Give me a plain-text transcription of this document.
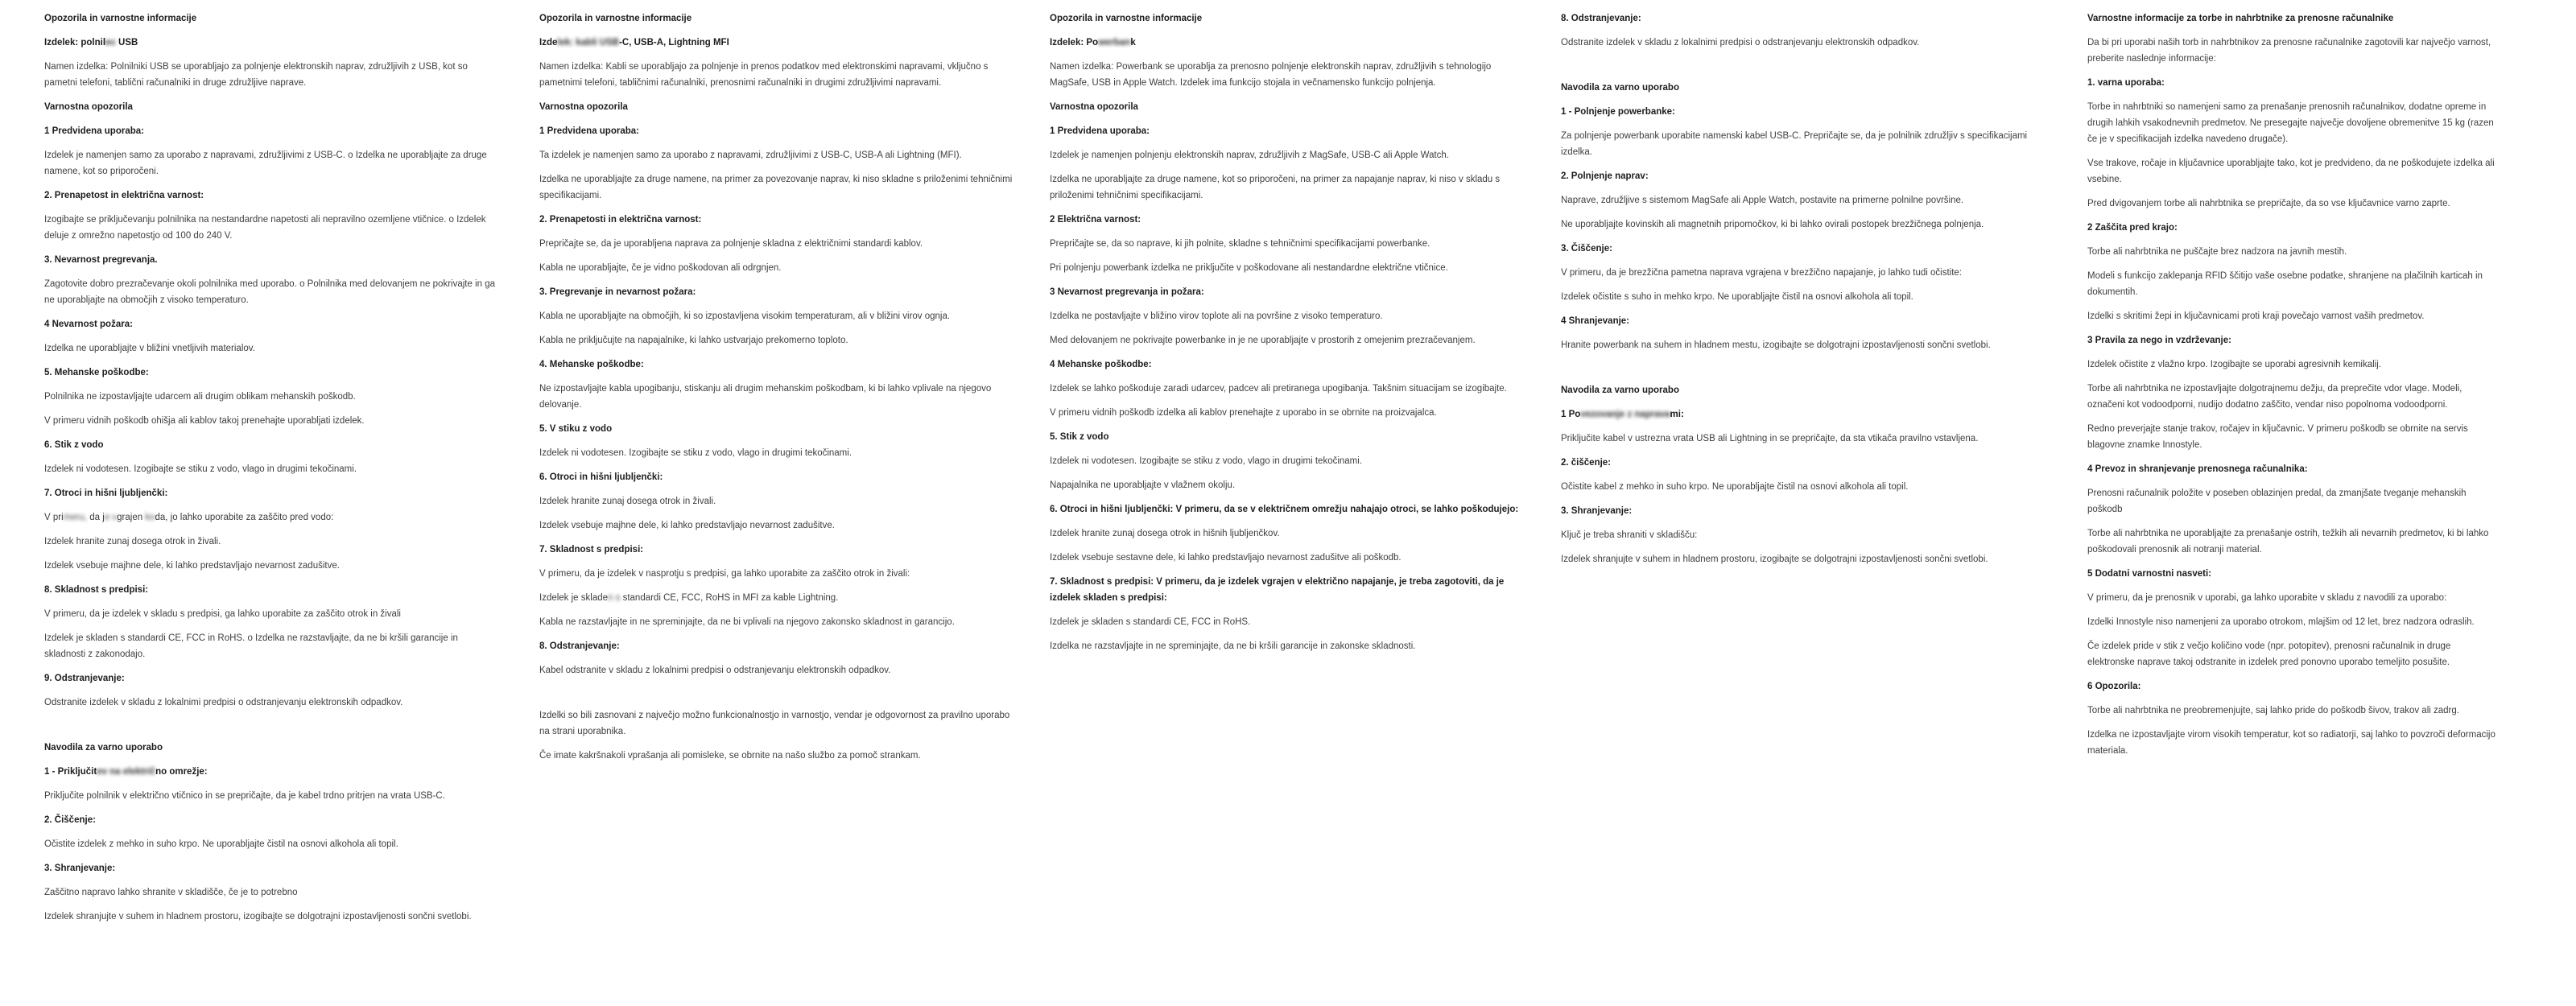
Opozorila in varnostne informacije
Izdelek: polnilec USB
Namen izdelka: Polnilniki USB se uporabljajo za polnjenje elektronskih naprav, združljivih z USB, kot so pametni telefoni, tablični računalniki in druge združljive naprave.
Varnostna opozorila
1 Predvidena uporaba:
Izdelek je namenjen samo za uporabo z napravami, združljivimi z USB-C. o Izdelka ne uporabljajte za druge namene, kot so priporočeni.
2. Prenapetost in električna varnost:
Izogibajte se priključevanju polnilnika na nestandardne napetosti ali nepravilno ozemljene vtičnice. o Izdelek deluje z omrežno napetostjo od 100 do 240 V.
3. Nevarnost pregrevanja.
Zagotovite dobro prezračevanje okoli polnilnika med uporabo. o Polnilnika med delovanjem ne pokrivajte in ga ne uporabljajte na območjih z visoko temperaturo.
4 Nevarnost požara:
Izdelka ne uporabljajte v bližini vnetljivih materialov.
5. Mehanske poškodbe:
Polnilnika ne izpostavljajte udarcem ali drugim oblikam mehanskih poškodb.
V primeru vidnih poškodb ohišja ali kablov takoj prenehajte uporabljati izdelek.
6. Stik z vodo
Izdelek ni vodotesen. Izogibajte se stiku z vodo, vlago in drugimi tekočinami.
7. Otroci in hišni ljubljenčki:
V primeru, da je vgrajen koda, jo lahko uporabite za zaščito pred vodo:
Izdelek hranite zunaj dosega otrok in živali.
Izdelek vsebuje majhne dele, ki lahko predstavljajo nevarnost zadušitve.
8. Skladnost s predpisi:
V primeru, da je izdelek v skladu s predpisi, ga lahko uporabite za zaščito otrok in živali
Izdelek je skladen s standardi CE, FCC in RoHS. o Izdelka ne razstavljajte, da ne bi kršili garancije in skladnosti z zakonodajo.
9. Odstranjevanje:
Odstranite izdelek v skladu z lokalnimi predpisi o odstranjevanju elektronskih odpadkov.
Navodila za varno uporabo
1 - Priključitev na električno omrežje:
Priključite polnilnik v električno vtičnico in se prepričajte, da je kabel trdno pritrjen na vrata USB-C.
2. Čiščenje:
Očistite izdelek z mehko in suho krpo. Ne uporabljajte čistil na osnovi alkohola ali topil.
3. Shranjevanje:
Zaščitno napravo lahko shranite v skladišče, če je to potrebno
Izdelek shranjujte v suhem in hladnem prostoru, izogibajte se dolgotrajni izpostavljenosti sončni svetlobi.
Opozorila in varnostne informacije
Izdelek: kabli USB-C, USB-A, Lightning MFI
Namen izdelka: Kabli se uporabljajo za polnjenje in prenos podatkov med elektronskimi napravami, vključno s pametnimi telefoni, tabličnimi računalniki, prenosnimi računalniki in drugimi združljivimi napravami.
Varnostna opozorila
1 Predvidena uporaba:
Ta izdelek je namenjen samo za uporabo z napravami, združljivimi z USB-C, USB-A ali Lightning (MFI).
Izdelka ne uporabljajte za druge namene, na primer za povezovanje naprav, ki niso skladne s priloženimi tehničnimi specifikacijami.
2. Prenapetosti in električna varnost:
Prepričajte se, da je uporabljena naprava za polnjenje skladna z električnimi standardi kablov.
Kabla ne uporabljajte, če je vidno poškodovan ali odrgnjen.
3. Pregrevanje in nevarnost požara:
Kabla ne uporabljajte na območjih, ki so izpostavljena visokim temperaturam, ali v bližini virov ognja.
Kabla ne priključujte na napajalnike, ki lahko ustvarjajo prekomerno toploto.
4. Mehanske poškodbe:
Ne izpostavljajte kabla upogibanju, stiskanju ali drugim mehanskim poškodbam, ki bi lahko vplivale na njegovo delovanje.
5. V stiku z vodo
Izdelek ni vodotesen. Izogibajte se stiku z vodo, vlago in drugimi tekočinami.
6. Otroci in hišni ljubljenčki:
Izdelek hranite zunaj dosega otrok in živali.
Izdelek vsebuje majhne dele, ki lahko predstavljajo nevarnost zadušitve.
7. Skladnost s predpisi:
V primeru, da je izdelek v nasprotju s predpisi, ga lahko uporabite za zaščito otrok in živali:
Izdelek je skladen s standardi CE, FCC, RoHS in MFI za kable Lightning.
Kabla ne razstavljajte in ne spreminjajte, da ne bi vplivali na njegovo zakonsko skladnost in garancijo.
8. Odstranjevanje:
Kabel odstranite v skladu z lokalnimi predpisi o odstranjevanju elektronskih odpadkov.
Izdelki so bili zasnovani z največjo možno funkcionalnostjo in varnostjo, vendar je odgovornost za pravilno uporabo na strani uporabnika.
Če imate kakršnakoli vprašanja ali pomisleke, se obrnite na našo službo za pomoč strankam.
Opozorila in varnostne informacije
Izdelek: Powerbank
Namen izdelka: Powerbank se uporablja za prenosno polnjenje elektronskih naprav, združljivih s tehnologijo MagSafe, USB in Apple Watch. Izdelek ima funkcijo stojala in večnamensko funkcijo polnjenja.
Varnostna opozorila
1 Predvidena uporaba:
Izdelek je namenjen polnjenju elektronskih naprav, združljivih z MagSafe, USB-C ali Apple Watch.
Izdelka ne uporabljajte za druge namene, kot so priporočeni, na primer za napajanje naprav, ki niso v skladu s priloženimi tehničnimi specifikacijami.
2 Električna varnost:
Prepričajte se, da so naprave, ki jih polnite, skladne s tehničnimi specifikacijami powerbanke.
Pri polnjenju powerbank izdelka ne priključite v poškodovane ali nestandardne električne vtičnice.
3 Nevarnost pregrevanja in požara:
Izdelka ne postavljajte v bližino virov toplote ali na površine z visoko temperaturo.
Med delovanjem ne pokrivajte powerbanke in je ne uporabljajte v prostorih z omejenim prezračevanjem.
4 Mehanske poškodbe:
Izdelek se lahko poškoduje zaradi udarcev, padcev ali pretiranega upogibanja. Takšnim situacijam se izogibajte.
V primeru vidnih poškodb izdelka ali kablov prenehajte z uporabo in se obrnite na proizvajalca.
5. Stik z vodo
Izdelek ni vodotesen. Izogibajte se stiku z vodo, vlago in drugimi tekočinami.
Napajalnika ne uporabljajte v vlažnem okolju.
6. Otroci in hišni ljubljenčki: V primeru, da se v električnem omrežju nahajajo otroci, se lahko poškodujejo:
Izdelek hranite zunaj dosega otrok in hišnih ljubljenčkov.
Izdelek vsebuje sestavne dele, ki lahko predstavljajo nevarnost zadušitve ali poškodb.
7. Skladnost s predpisi: V primeru, da je izdelek vgrajen v električno napajanje, je treba zagotoviti, da je izdelek skladen s predpisi:
Izdelek je skladen s standardi CE, FCC in RoHS.
Izdelka ne razstavljajte in ne spreminjajte, da ne bi kršili garancije in zakonske skladnosti.
8. Odstranjevanje:
Odstranite izdelek v skladu z lokalnimi predpisi o odstranjevanju elektronskih odpadkov.
Navodila za varno uporabo
1 - Polnjenje powerbanke:
Za polnjenje powerbank uporabite namenski kabel USB-C. Prepričajte se, da je polnilnik združljiv s specifikacijami izdelka.
2. Polnjenje naprav:
Naprave, združljive s sistemom MagSafe ali Apple Watch, postavite na primerne polnilne površine.
Ne uporabljajte kovinskih ali magnetnih pripomočkov, ki bi lahko ovirali postopek brezžičnega polnjenja.
3. Čiščenje:
V primeru, da je brezžična pametna naprava vgrajena v brezžično napajanje, jo lahko tudi očistite:
Izdelek očistite s suho in mehko krpo. Ne uporabljajte čistil na osnovi alkohola ali topil.
4 Shranjevanje:
Hranite powerbank na suhem in hladnem mestu, izogibajte se dolgotrajni izpostavljenosti sončni svetlobi.
Navodila za varno uporabo
1 Povezovanje z napravami:
Priključite kabel v ustrezna vrata USB ali Lightning in se prepričajte, da sta vtikača pravilno vstavljena.
2. čiščenje:
Očistite kabel z mehko in suho krpo. Ne uporabljajte čistil na osnovi alkohola ali topil.
3. Shranjevanje:
Ključ je treba shraniti v skladišču:
Izdelek shranjujte v suhem in hladnem prostoru, izogibajte se dolgotrajni izpostavljenosti sončni svetlobi.
Varnostne informacije za torbe in nahrbtnike za prenosne računalnike
Da bi pri uporabi naših torb in nahrbtnikov za prenosne računalnike zagotovili kar največjo varnost, preberite naslednje informacije:
1. varna uporaba:
Torbe in nahrbtniki so namenjeni samo za prenašanje prenosnih računalnikov, dodatne opreme in drugih lahkih vsakodnevnih predmetov. Ne presegajte največje dovoljene obremenitve 15 kg (razen če je v specifikacijah izdelka navedeno drugače).
Vse trakove, ročaje in ključavnice uporabljajte tako, kot je predvideno, da ne poškodujete izdelka ali vsebine.
Pred dvigovanjem torbe ali nahrbtnika se prepričajte, da so vse ključavnice varno zaprte.
2 Zaščita pred krajo:
Torbe ali nahrbtnika ne puščajte brez nadzora na javnih mestih.
Modeli s funkcijo zaklepanja RFID ščitijo vaše osebne podatke, shranjene na plačilnih karticah in dokumentih.
Izdelki s skritimi žepi in ključavnicami proti kraji povečajo varnost vaših predmetov.
3 Pravila za nego in vzdrževanje:
Izdelek očistite z vlažno krpo. Izogibajte se uporabi agresivnih kemikalij.
Torbe ali nahrbtnika ne izpostavljajte dolgotrajnemu dežju, da preprečite vdor vlage. Modeli, označeni kot vodoodporni, nudijo dodatno zaščito, vendar niso popolnoma vodoodporni.
Redno preverjajte stanje trakov, ročajev in ključavnic. V primeru poškodb se obrnite na servis blagovne znamke Innostyle.
4 Prevoz in shranjevanje prenosnega računalnika:
Prenosni računalnik položite v poseben oblazinjen predal, da zmanjšate tveganje mehanskih poškodb
Torbe ali nahrbtnika ne uporabljajte za prenašanje ostrih, težkih ali nevarnih predmetov, ki bi lahko poškodovali prenosnik ali notranji material.
5 Dodatni varnostni nasveti:
V primeru, da je prenosnik v uporabi, ga lahko uporabite v skladu z navodili za uporabo:
Izdelki Innostyle niso namenjeni za uporabo otrokom, mlajšim od 12 let, brez nadzora odraslih.
Če izdelek pride v stik z večjo količino vode (npr. potopitev), prenosni računalnik in druge elektronske naprave takoj odstranite in izdelek pred ponovno uporabo temeljito posušite.
6 Opozorila:
Torbe ali nahrbtnika ne preobremenjujte, saj lahko pride do poškodb šivov, trakov ali zadrg.
Izdelka ne izpostavljajte virom visokih temperatur, kot so radiatorji, saj lahko to povzroči deformacijo materiala.
